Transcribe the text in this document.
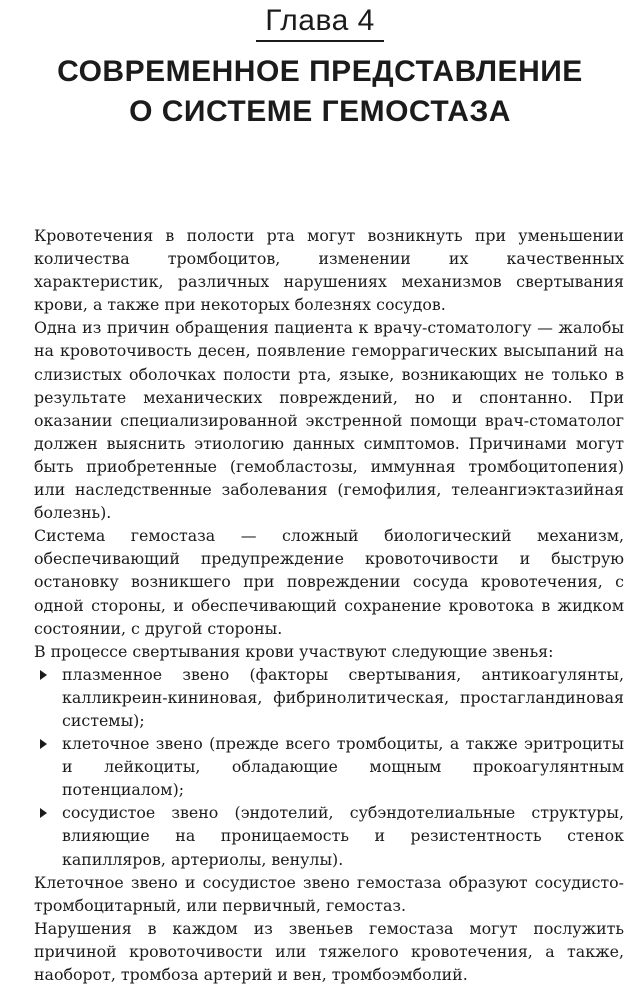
Глава 4
СОВРЕМЕННОЕ ПРЕДСТАВЛЕНИЕ
О СИСТЕМЕ ГЕМОСТАЗА

Кровотечения в полости рта могут возникнуть при уменьшении количества тромбоцитов, изменении их качественных характеристик, различных нарушениях механизмов свертывания крови, а также при некоторых болезнях сосудов.

Одна из причин обращения пациента к врачу-стоматологу — жалобы на кровоточивость десен, появление геморрагических высыпаний на слизистых оболочках полости рта, языке, возникающих не только в результате механических повреждений, но и спонтанно. При оказании специализированной экстренной помощи врач-стоматолог должен выяснить этиологию данных симптомов. Причинами могут быть приобретенные (гемобластозы, иммунная тромбоцитопения) или наследственные заболевания (гемофилия, телеангиэктазийная болезнь).

Система гемостаза — сложный биологический механизм, обеспечивающий предупреждение кровоточивости и быструю остановку возникшего при повреждении сосуда кровотечения, с одной стороны, и обеспечивающий сохранение кровотока в жидком состоянии, с другой стороны.

В процессе свертывания крови участвуют следующие звенья:

плазменное звено (факторы свертывания, антикоагулянты, калликреин-кининовая, фибринолитическая, простагландиновая системы);
клеточное звено (прежде всего тромбоциты, а также эритроциты и лейкоциты, обладающие мощным прокоагулянтным потенциалом);
сосудистое звено (эндотелий, субэндотелиальные структуры, влияющие на проницаемость и резистентность стенок капилляров, артериолы, венулы).

Клеточное звено и сосудистое звено гемостаза образуют сосудисто-тромбоцитарный, или первичный, гемостаз.

Нарушения в каждом из звеньев гемостаза могут послужить причиной кровоточивости или тяжелого кровотечения, а также, наоборот, тромбоза артерий и вен, тромбоэмболий.
